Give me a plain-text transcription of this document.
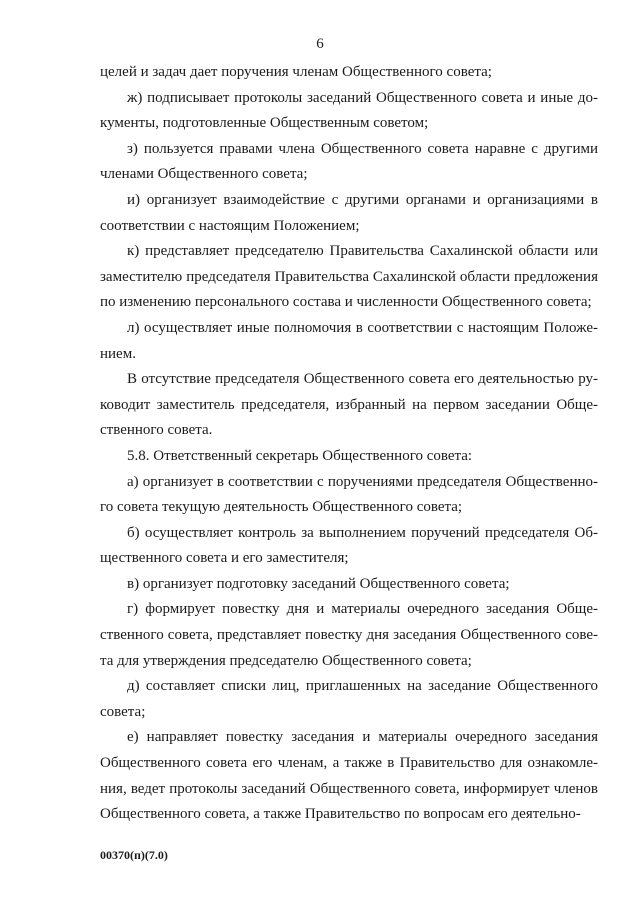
6

целей и задач дает поручения членам Общественного совета;

ж) подписывает протоколы заседаний Общественного совета и иные до-кументы, подготовленные Общественным советом;

з) пользуется правами члена Общественного совета наравне с другими членами Общественного совета;

и) организует взаимодействие с другими органами и организациями в соответствии с настоящим Положением;

к) представляет председателю Правительства Сахалинской области или заместителю председателя Правительства Сахалинской области предложения по изменению персонального состава и численности Общественного совета;

л) осуществляет иные полномочия в соответствии с настоящим Положе-нием.

В отсутствие председателя Общественного совета его деятельностью ру-ководит заместитель председателя, избранный на первом заседании Обще-ственного совета.

5.8. Ответственный секретарь Общественного совета:

а) организует в соответствии с поручениями председателя Общественно-го совета текущую деятельность Общественного совета;

б) осуществляет контроль за выполнением поручений председателя Об-щественного совета и его заместителя;

в) организует подготовку заседаний Общественного совета;

г) формирует повестку дня и материалы очередного заседания Обще-ственного совета, представляет повестку дня заседания Общественного сове-та для утверждения председателю Общественного совета;

д) составляет списки лиц, приглашенных на заседание Общественного совета;

е) направляет повестку заседания и материалы очередного заседания Общественного совета его членам, а также в Правительство для ознакомле-ния, ведет протоколы заседаний Общественного совета, информирует членов Общественного совета, а также Правительство по вопросам его деятельно-

00370(п)(7.0)
